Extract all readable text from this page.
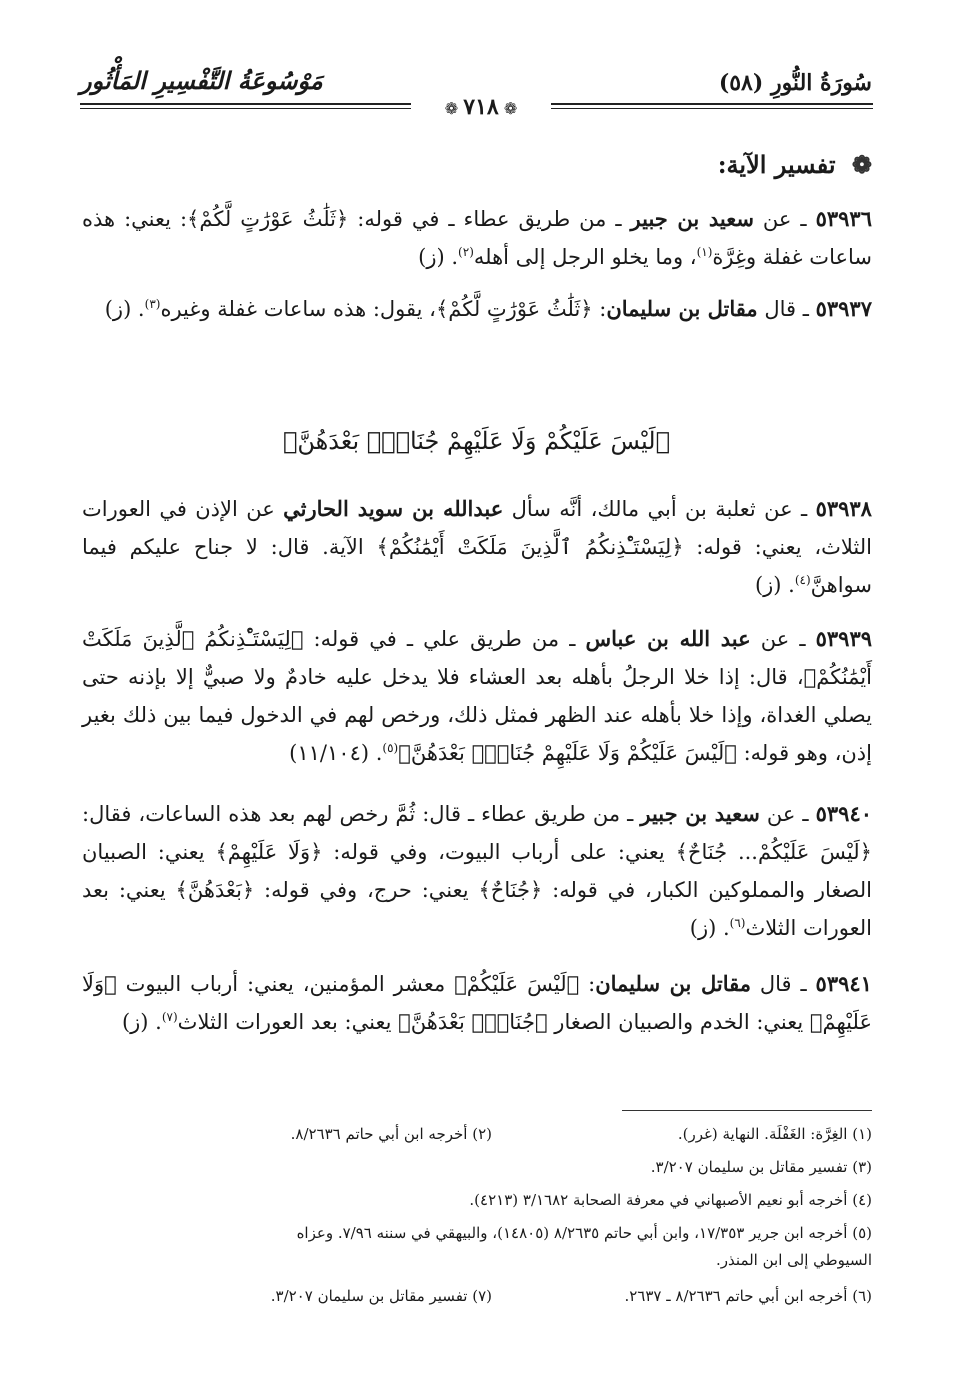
سُورَةُ النُّورِ (٥٨)
مَوْسُوعَةُ التَّفْسِيرِ المَأْثُور
❁ ٧١٨ ❁
❁ تفسير الآية:
٥٣٩٣٦ ـ عن سعيد بن جبير ـ من طريق عطاء ـ في قوله: ﴿ثَلَٰثُ عَوْرَٰتٍ لَّكُمْ﴾: يعني: هذه ساعات غفلة وغِرَّة$^{(١)}$، وما يخلو الرجل إلى أهله$^{(٢)}$. (ز)
٥٣٩٣٧ ـ قال مقاتل بن سليمان: ﴿ثَلَٰثُ عَوْرَٰتٍ لَّكُمْ﴾، يقول: هذه ساعات غفلة وغيره$^{(٣)}$. (ز)
﴿لَيْسَ عَلَيْكُمْ وَلَا عَلَيْهِمْ جُنَاحٌۢ بَعْدَهُنَّ﴾
٥٣٩٣٨ ـ عن ثعلبة بن أبي مالك، أنَّه سأل عبدالله بن سويد الحارثي عن الإذن في العورات الثلاث، يعني: قوله: ﴿لِيَسْتَـْٔذِنكُمُ ٱلَّذِينَ مَلَكَتْ أَيْمَٰنُكُمْ﴾ الآية. قال: لا جناح عليكم فيما سواهنَّ$^{(٤)}$. (ز)
٥٣٩٣٩ ـ عن عبد الله بن عباس ـ من طريق علي ـ في قوله: ﴿لِيَسْتَـْٔذِنكُمُ ٱلَّذِينَ مَلَكَتْ أَيْمَٰنُكُمْ﴾، قال: إذا خلا الرجلُ بأهله بعد العشاء فلا يدخل عليه خادمٌ ولا صبيٌّ إلا بإذنه حتى يصلي الغداة، وإذا خلا بأهله عند الظهر فمثل ذلك، ورخص لهم في الدخول فيما بين ذلك بغير إذن، وهو قوله: ﴿لَيْسَ عَلَيْكُمْ وَلَا عَلَيْهِمْ جُنَاحٌۢ بَعْدَهُنَّ﴾$^{(٥)}$. (١١/١٠٤)
٥٣٩٤٠ ـ عن سعيد بن جبير ـ من طريق عطاء ـ قال: ثُمَّ رخص لهم بعد هذه الساعات، فقال: ﴿لَيْسَ عَلَيْكُمْ... جُنَاحٌ﴾ يعني: على أرباب البيوت، وفي قوله: ﴿وَلَا عَلَيْهِمْ﴾ يعني: الصبيان الصغار والمملوكين الكبار، في قوله: ﴿جُنَاحٌ﴾ يعني: حرج، وفي قوله: ﴿بَعْدَهُنَّ﴾ يعني: بعد العورات الثلاث$^{(٦)}$. (ز)
٥٣٩٤١ ـ قال مقاتل بن سليمان: ﴿لَيْسَ عَلَيْكُمْ﴾ معشر المؤمنين، يعني: أرباب البيوت ﴿وَلَا عَلَيْهِمْ﴾ يعني: الخدم والصبيان الصغار ﴿جُنَاحٌۢ بَعْدَهُنَّ﴾ يعني: بعد العورات الثلاث$^{(٧)}$. (ز)
(١) الغِرَّة: الغَفْلَة. النهاية (غرر).
(٢) أخرجه ابن أبي حاتم ٨/٢٦٣٦.
(٣) تفسير مقاتل بن سليمان ٣/٢٠٧.
(٤) أخرجه أبو نعيم الأصبهاني في معرفة الصحابة ٣/١٦٨٢ (٤٢١٣).
(٥) أخرجه ابن جرير ١٧/٣٥٣، وابن أبي حاتم ٨/٢٦٣٥ (١٤٨٠٥)، والبيهقي في سننه ٧/٩٦. وعزاه
السيوطي إلى ابن المنذر.
(٦) أخرجه ابن أبي حاتم ٨/٢٦٣٦ ـ ٢٦٣٧.
(٧) تفسير مقاتل بن سليمان ٣/٢٠٧.
